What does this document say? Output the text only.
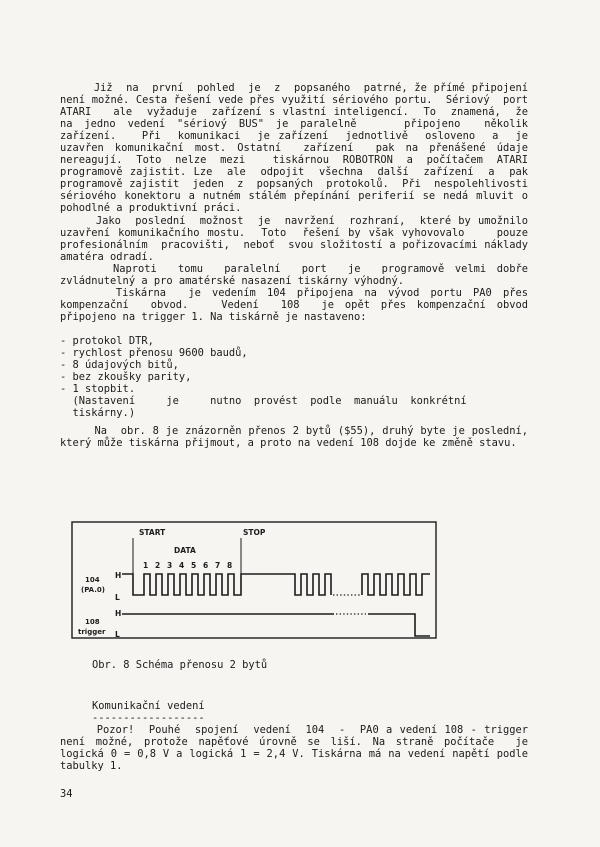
Již  na  první  pohled  je  z  popsaného  patrné, že přímé připojení  není možné. Cesta řešení vede přes využití sériového portu.  Sériový  port  ATARI   ale  vyžaduje  zařízení s vlastní inteligencí.  To  znamená,  že na jedno vedení "sériový BUS" je paralelně    připojeno  několik  zařízení.   Při  komunikaci  je zařízení  jednotlivě  osloveno  a  je uzavřen komunikační most. Ostatní  zařízení  pak na přenášené údaje nereagují. Toto nelze mezi  tiskárnou ROBOTRON a počítačem ATARI programově zajistit. Lze  ale  odpojit  všechna  další  zařízení  a  pak programově zajistit  jeden  z  popsaných  protokolů.  Při  nespolehlivosti sériového konektoru a nutném stálém přepínání periferií se nedá mluvit o pohodlné a produktivní práci.

Jako  poslední  možnost  je  navržení  rozhraní,  které by umožnilo uzavření komunikačního mostu.  Toto  řešení by však vyhovovalo    pouze   profesionálním  pracovišti,  neboť  svou složitostí a pořizovacími náklady amatéra odradí.

Naproti  tomu  paralelní  port  je  programově velmi dobře zvládnutelný a pro amatérské nasazení tiskárny výhodný.

Tiskárna  je vedením 104 připojena na vývod portu PA0 přes kompenzační  obvod.   Vedení  108  je opět přes kompenzační obvod připojeno na trigger 1. Na tiskárně je nastaveno:

- protokol DTR,
- rychlost přenosu 9600 baudů,
- 8 údajových bitů,
- bez zkoušky parity,
- 1 stopbit.
(Nastavení     je     nutno  provést  podle  manuálu  konkrétní
tiskárny.)

Na  obr. 8 je znázorněn přenos 2 bytů ($55), druhý byte je poslední,  který může tiskárna přijmout, a proto na vedení 108 dojde ke změně stavu.

START	STOP
DATA
1 2 3 4 5 6 7 8
104
(PA.0)
H
L
108
trigger
H
L
Obr. 8 Schéma přenosu 2 bytů

Komunikační vedení

------------------

Pozor!  Pouhé  spojení  vedení  104  -  PA0 a vedení 108 - trigger  není možné, protože napěťové úrovně se liší. Na straně počítače  je logická 0 = 0,8 V a logická 1 = 2,4 V. Tiskárna má na vedení napětí podle tabulky 1.

34
